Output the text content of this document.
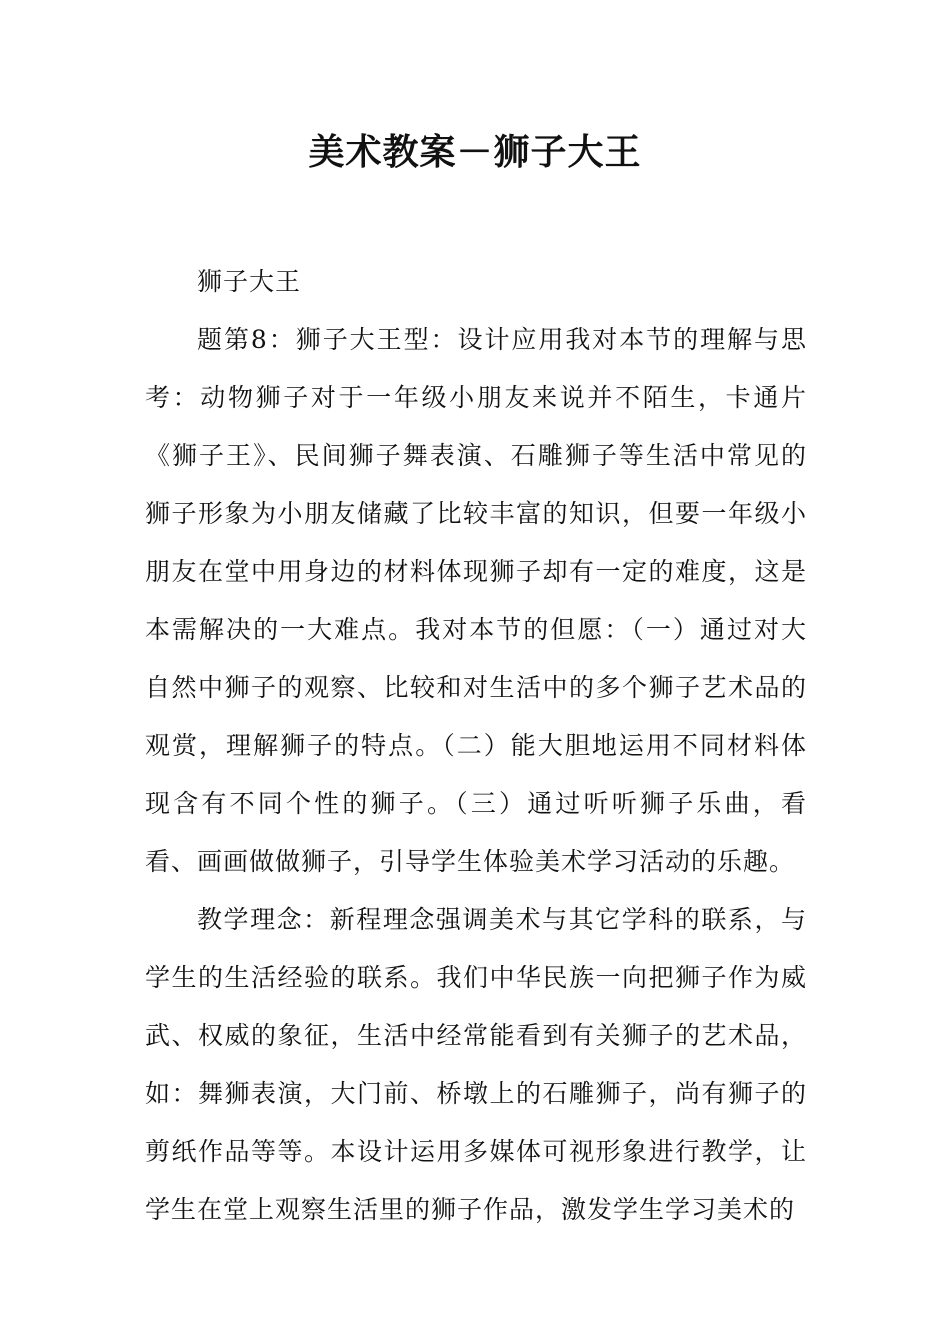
美术教案－狮子大王

狮子大王

题第8：狮子大王型：设计应用我对本节的理解与思考：动物狮子对于一年级小朋友来说并不陌生，卡通片《狮子王》、民间狮子舞表演、石雕狮子等生活中常见的狮子形象为小朋友储藏了比较丰富的知识，但要一年级小朋友在堂中用身边的材料体现狮子却有一定的难度，这是本需解决的一大难点。我对本节的但愿：（一）通过对大自然中狮子的观察、比较和对生活中的多个狮子艺术品的观赏，理解狮子的特点。（二）能大胆地运用不同材料体现含有不同个性的狮子。（三）通过听听狮子乐曲，看看、画画做做狮子，引导学生体验美术学习活动的乐趣。

教学理念：新程理念强调美术与其它学科的联系，与学生的生活经验的联系。我们中华民族一向把狮子作为威武、权威的象征，生活中经常能看到有关狮子的艺术品，如：舞狮表演，大门前、桥墩上的石雕狮子，尚有狮子的剪纸作品等等。本设计运用多媒体可视形象进行教学，让学生在堂上观察生活里的狮子作品，激发学生学习美术的
